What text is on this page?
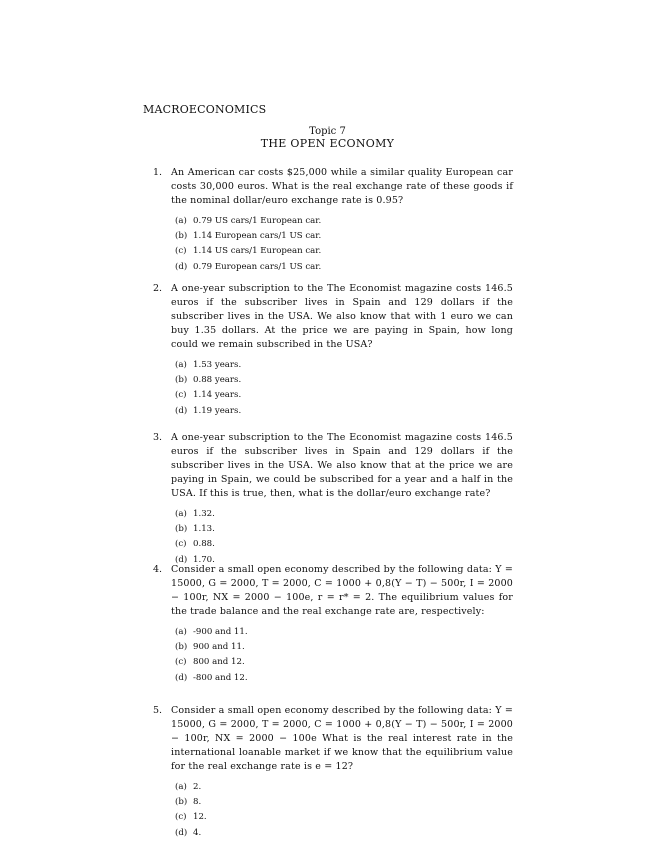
MACROECONOMICS
Topic 7
THE OPEN ECONOMY
1. An American car costs $25,000 while a similar quality European car costs 30,000 euros. What is the real exchange rate of these goods if the nominal dollar/euro exchange rate is 0.95?

(a) 0.79 US cars/1 European car.
(b) 1.14 European cars/1 US car.
(c) 1.14 US cars/1 European car.
(d) 0.79 European cars/1 US car.
2. A one-year subscription to the The Economist magazine costs 146.5 euros if the subscriber lives in Spain and 129 dollars if the subscriber lives in the USA. We also know that with 1 euro we can buy 1.35 dollars. At the price we are paying in Spain, how long could we remain subscribed in the USA?

(a) 1.53 years.
(b) 0.88 years.
(c) 1.14 years.
(d) 1.19 years.
3. A one-year subscription to the The Economist magazine costs 146.5 euros if the subscriber lives in Spain and 129 dollars if the subscriber lives in the USA. We also know that at the price we are paying in Spain, we could be subscribed for a year and a half in the USA. If this is true, then, what is the dollar/euro exchange rate?

(a) 1.32.
(b) 1.13.
(c) 0.88.
(d) 1.70.
4. Consider a small open economy described by the following data: Y = 15000, G = 2000, T = 2000, C = 1000 + 0,8(Y − T) − 500r, I = 2000 − 100r, NX = 2000 − 100e, r = r* = 2. The equilibrium values for the trade balance and the real exchange rate are, respectively:

(a) -900 and 11.
(b) 900 and 11.
(c) 800 and 12.
(d) -800 and 12.
5. Consider a small open economy described by the following data: Y = 15000, G = 2000, T = 2000, C = 1000 + 0,8(Y − T) − 500r, I = 2000 − 100r, NX = 2000 − 100e What is the real interest rate in the international loanable market if we know that the equilibrium value for the real exchange rate is e = 12?

(a) 2.
(b) 8.
(c) 12.
(d) 4.
